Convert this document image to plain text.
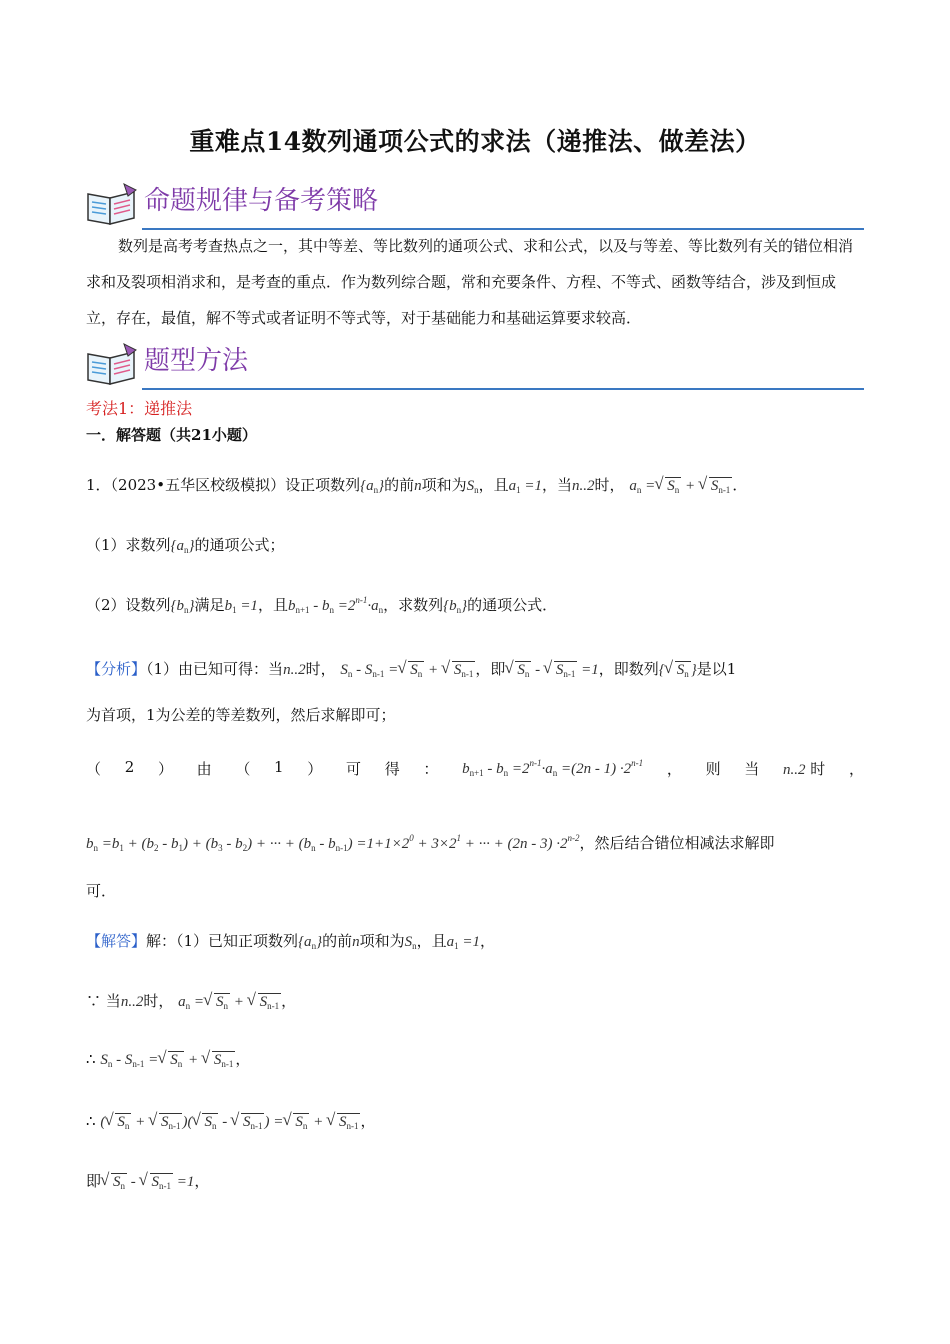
重难点14数列通项公式的求法（递推法、做差法）
命题规律与备考策略
数列是高考考查热点之一，其中等差、等比数列的通项公式、求和公式，以及与等差、等比数列有关的错位相消求和及裂项相消求和，是考查的重点．作为数列综合题，常和充要条件、方程、不等式、函数等结合，涉及到恒成立，存在，最值，解不等式或者证明不等式等，对于基础能力和基础运算要求较高．
题型方法
考法1：递推法
一．解答题（共21小题）
1．（2023•五华区校级模拟）设正项数列$\{a_n\}$的前n项和为$S_n$，且$a_1 =1$，当n..2时， $a_n$ = √ $S_n$ + √ $S_{n-1}$ ．
（1）求数列$\{a_n\}$的通项公式；
（2）设数列$\{b_n\}$满足$b_1 =1$，且$b_{n+1} - b_n =2^{n-1}\cdot a_n$，求数列$\{b_n\}$的通项公式．
【分析】（1）由已知可得：当n..2时， $S_n - S_{n-1}$ = √ $S_n$ + √ $S_{n-1}$ ，即 √ $S_n$ - √ $S_{n-1} =1$，即数列{ √ $S_n$ }是以1
为首项，1为公差的等差数列，然后求解即可；
（ 2 ） 由 （ 1 ） 可 得 ： $b_{n+1} - b_n =2^{n-1}\cdot a_n =(2n - 1) \cdot 2^{n-1}$ ， 则 当 n..2 时 ，
$b_n =b_1 + (b_2 - b_1) + (b_3 - b_2)$ + ··· + $(b_n - b_{n-1}) =1+1\times 2^0 + 3\times 2^1$ + ··· + $(2n - 3) \cdot 2^{n-2}$，然后结合错位相减法求解即
可．
【解答】解：（1）已知正项数列$\{a_n\}$的前n项和为$S_n$，且$a_1 =1$，
∵ 当n..2时， $a_n$ = √ $S_n$ + √ $S_{n-1}$ ，
∴ $S_n - S_{n-1}$ = √ $S_n$ + √ $S_{n-1}$ ，
∴ ( √ $S_n$ + √ $S_{n-1}$ )( √ $S_n$ - √ $S_{n-1}$ ) = √ $S_n$ + √ $S_{n-1}$ ，
即 √ $S_n$ - √ $S_{n-1} =1$，
